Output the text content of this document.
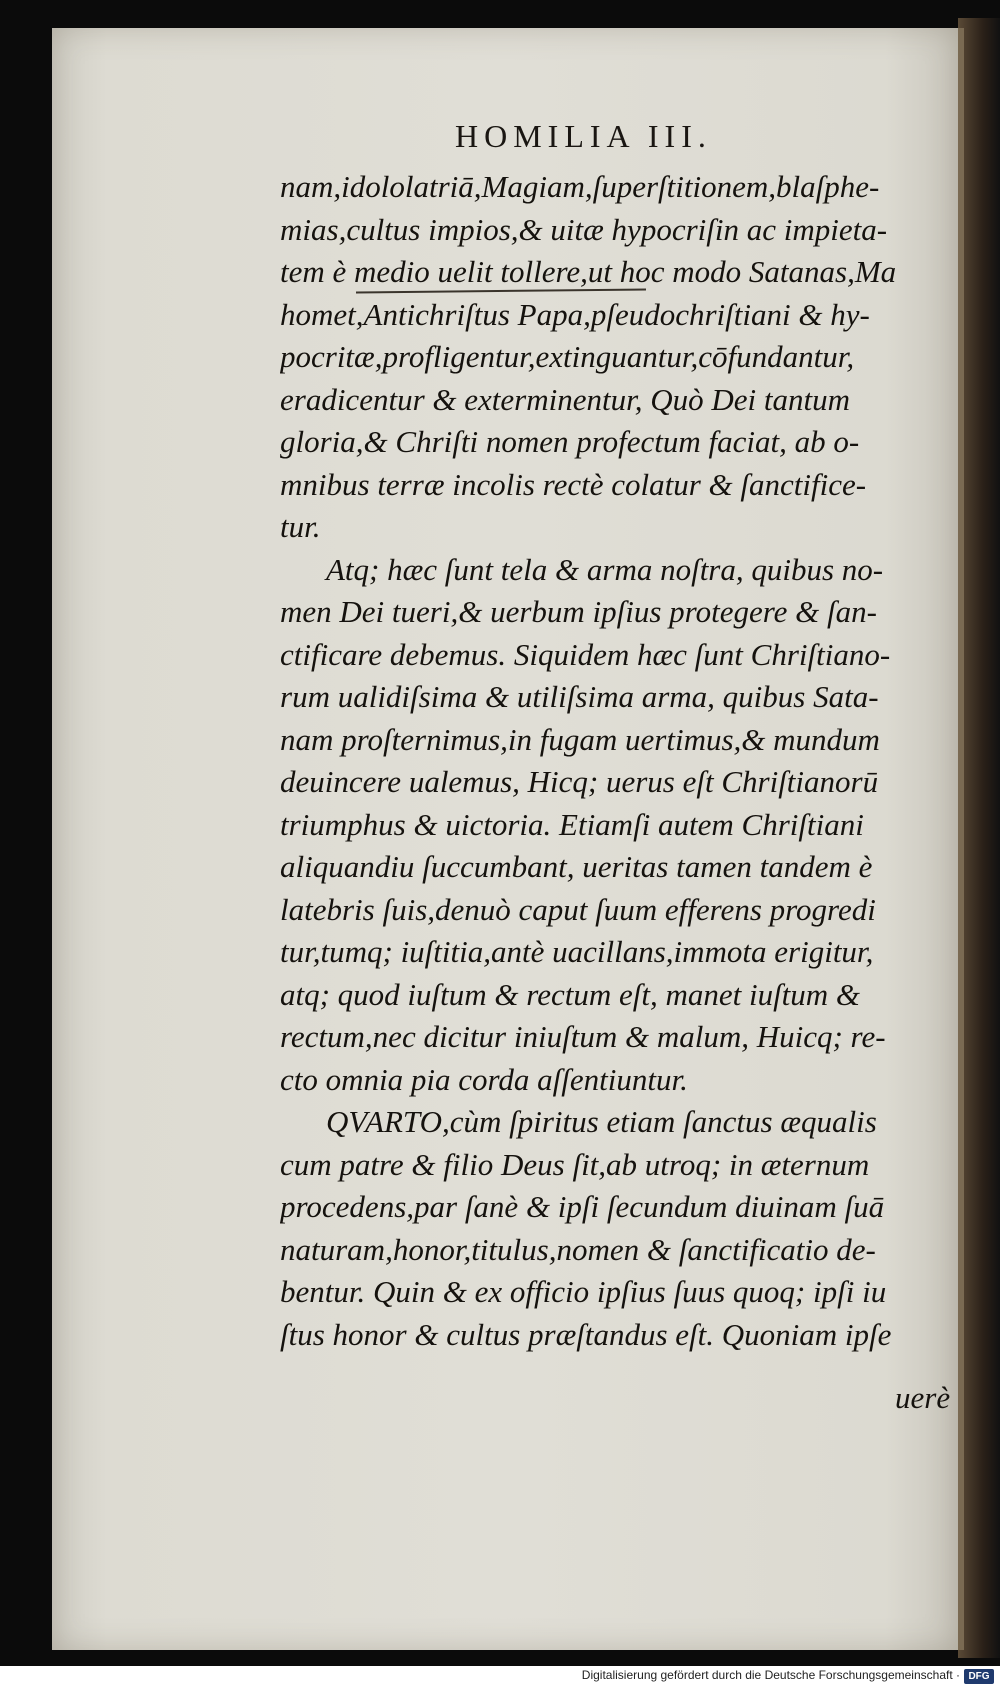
HOMILIA III.
nam,idololatriā,Magiam,ſuperſtitionem,blaſphe-
mias,cultus impios,& uitæ hypocriſin ac impieta-
tem è medio uelit tollere,ut hoc modo Satanas,Ma
homet,Antichriſtus Papa,pſeudochriſtiani & hy-
pocritæ,profligentur,extinguantur,cōfundantur,
eradicentur & exterminentur, Quò Dei tantum
gloria,& Chriſti nomen profectum faciat, ab o-
mnibus terræ incolis rectè colatur & ſanctifice-
tur.
Atq; hæc ſunt tela & arma noſtra, quibus no-
men Dei tueri,& uerbum ipſius protegere & ſan-
ctificare debemus. Siquidem hæc ſunt Chriſtiano-
rum ualidiſsima & utiliſsima arma, quibus Sata-
nam proſternimus,in fugam uertimus,& mundum
deuincere ualemus, Hicq; uerus eſt Chriſtianorū
triumphus & uictoria. Etiamſi autem Chriſtiani
aliquandiu ſuccumbant, ueritas tamen tandem è
latebris ſuis,denuò caput ſuum efferens progredi
tur,tumq; iuſtitia,antè uacillans,immota erigitur,
atq; quod iuſtum & rectum eſt, manet iuſtum &
rectum,nec dicitur iniuſtum & malum, Huicq; re-
cto omnia pia corda aſſentiuntur.
QVARTO,cùm ſpiritus etiam ſanctus æqualis
cum patre & filio Deus ſit,ab utroq; in æternum
procedens,par ſanè & ipſi ſecundum diuinam ſuā
naturam,honor,titulus,nomen & ſanctificatio de-
bentur. Quin & ex officio ipſius ſuus quoq; ipſi iu
ſtus honor & cultus præſtandus eſt. Quoniam ipſe
uerè
Digitalisierung gefördert durch die Deutsche Forschungsgemeinschaft · DFG
